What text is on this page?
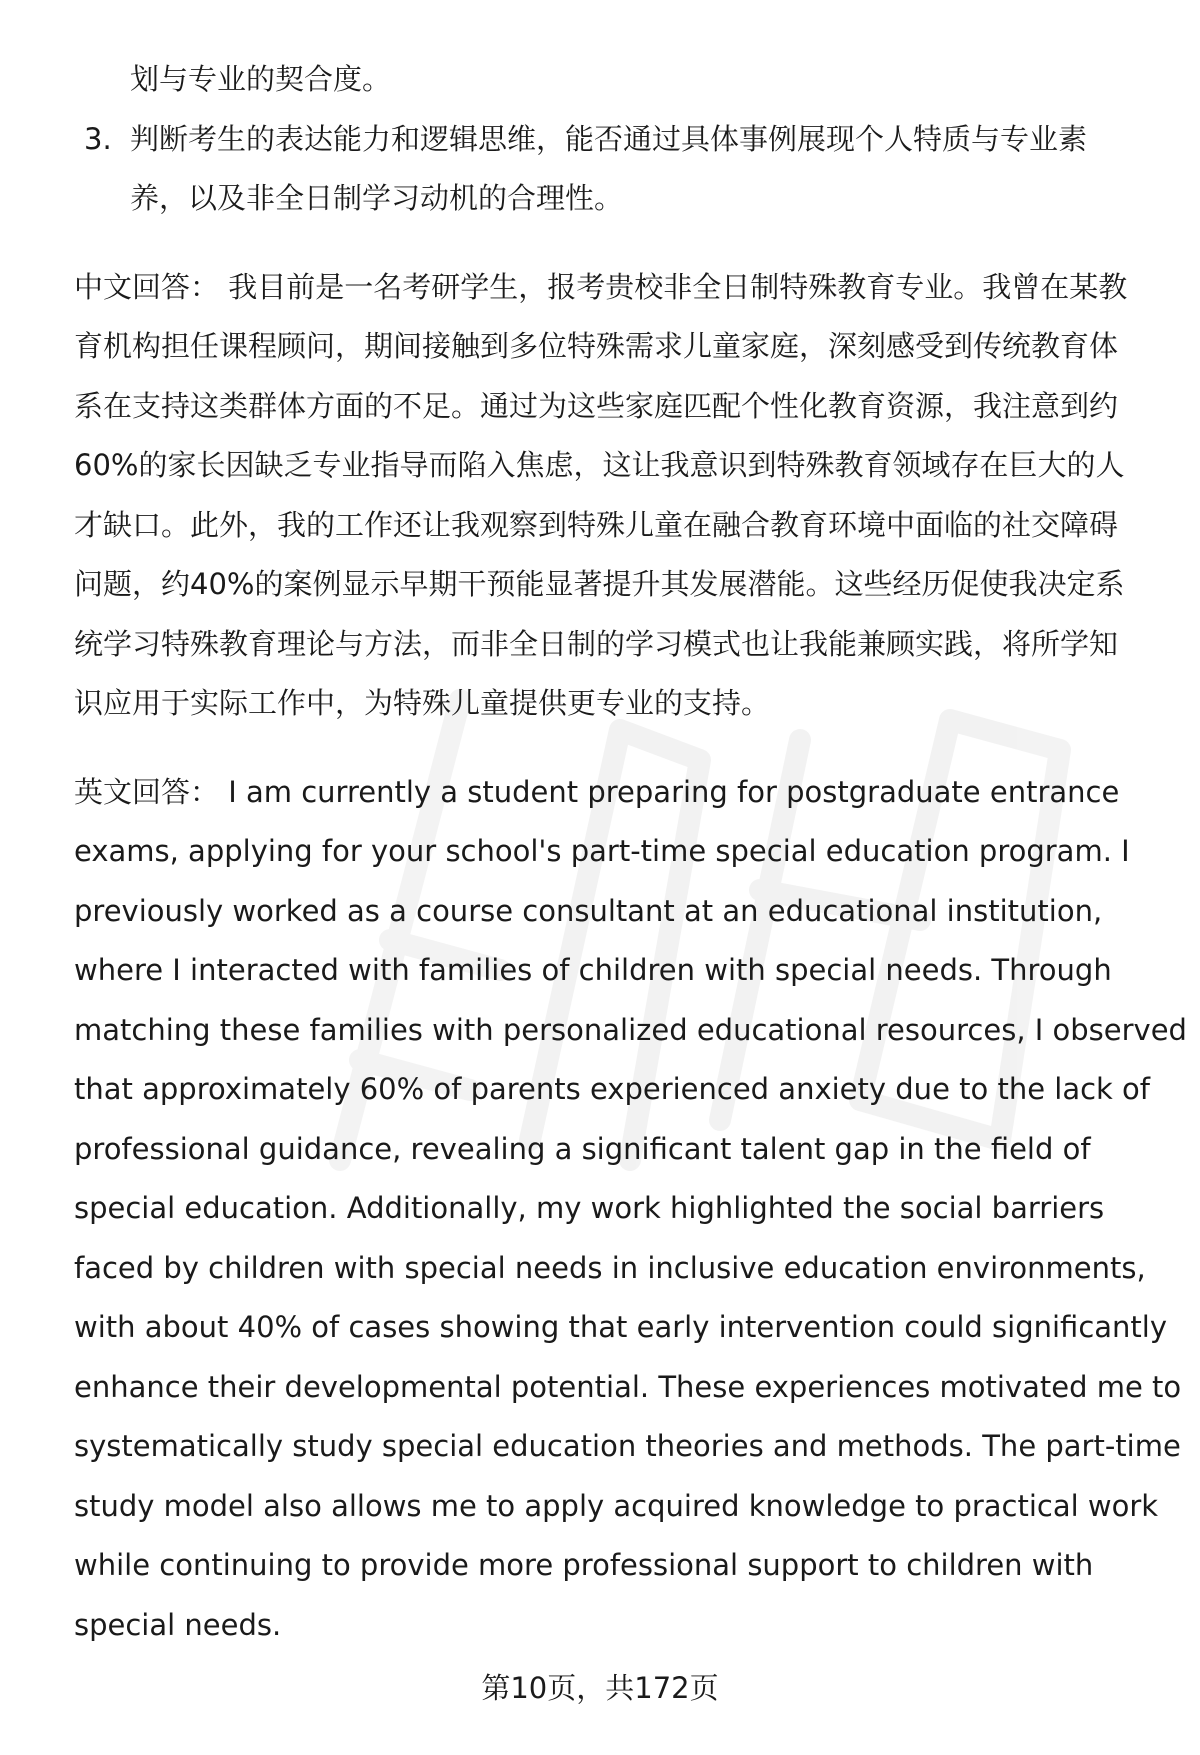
划与专业的契合度。
3. 判断考生的表达能力和逻辑思维，能否通过具体事例展现个人特质与专业素
养，以及非全日制学习动机的合理性。
中文回答： 我目前是一名考研学生，报考贵校非全日制特殊教育专业。我曾在某教
育机构担任课程顾问，期间接触到多位特殊需求儿童家庭，深刻感受到传统教育体
系在支持这类群体方面的不足。通过为这些家庭匹配个性化教育资源，我注意到约
60%的家长因缺乏专业指导而陷入焦虑，这让我意识到特殊教育领域存在巨大的人
才缺口。此外，我的工作还让我观察到特殊儿童在融合教育环境中面临的社交障碍
问题，约40%的案例显示早期干预能显著提升其发展潜能。这些经历促使我决定系
统学习特殊教育理论与方法，而非全日制的学习模式也让我能兼顾实践，将所学知
识应用于实际工作中，为特殊儿童提供更专业的支持。
英文回答： I am currently a student preparing for postgraduate entrance
exams, applying for your school's part-time special education program. I
previously worked as a course consultant at an educational institution,
where I interacted with families of children with special needs. Through
matching these families with personalized educational resources, I observed
that approximately 60% of parents experienced anxiety due to the lack of
professional guidance, revealing a significant talent gap in the field of
special education. Additionally, my work highlighted the social barriers
faced by children with special needs in inclusive education environments,
with about 40% of cases showing that early intervention could significantly
enhance their developmental potential. These experiences motivated me to
systematically study special education theories and methods. The part-time
study model also allows me to apply acquired knowledge to practical work
while continuing to provide more professional support to children with
special needs.
第10页，共172页
